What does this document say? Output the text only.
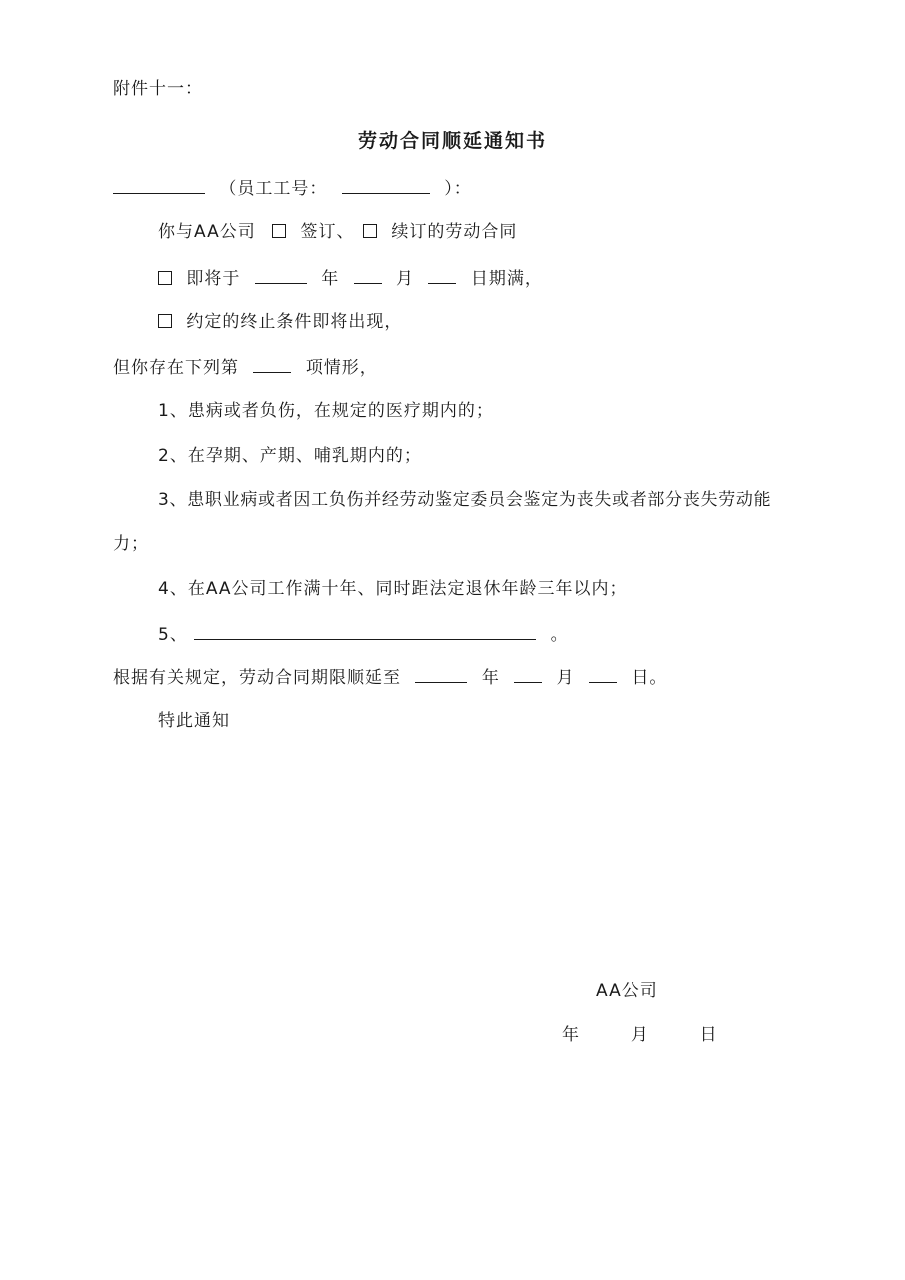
附件十一：
劳动合同顺延通知书
（员工工号：	）：
你与AA公司	签订、 续订的劳动合同
即将于	年	月	日期满，
约定的终止条件即将出现，
但你存在下列第	项情形，
1、患病或者负伤，在规定的医疗期内的；
2、在孕期、产期、哺乳期内的；
3、患职业病或者因工负伤并经劳动鉴定委员会鉴定为丧失或者部分丧失劳动能
力；
4、在AA公司工作满十年、同时距法定退休年龄三年以内；
5、	。
根据有关规定，劳动合同期限顺延至	年	月	日。
特此通知
AA公司
年	月	日
